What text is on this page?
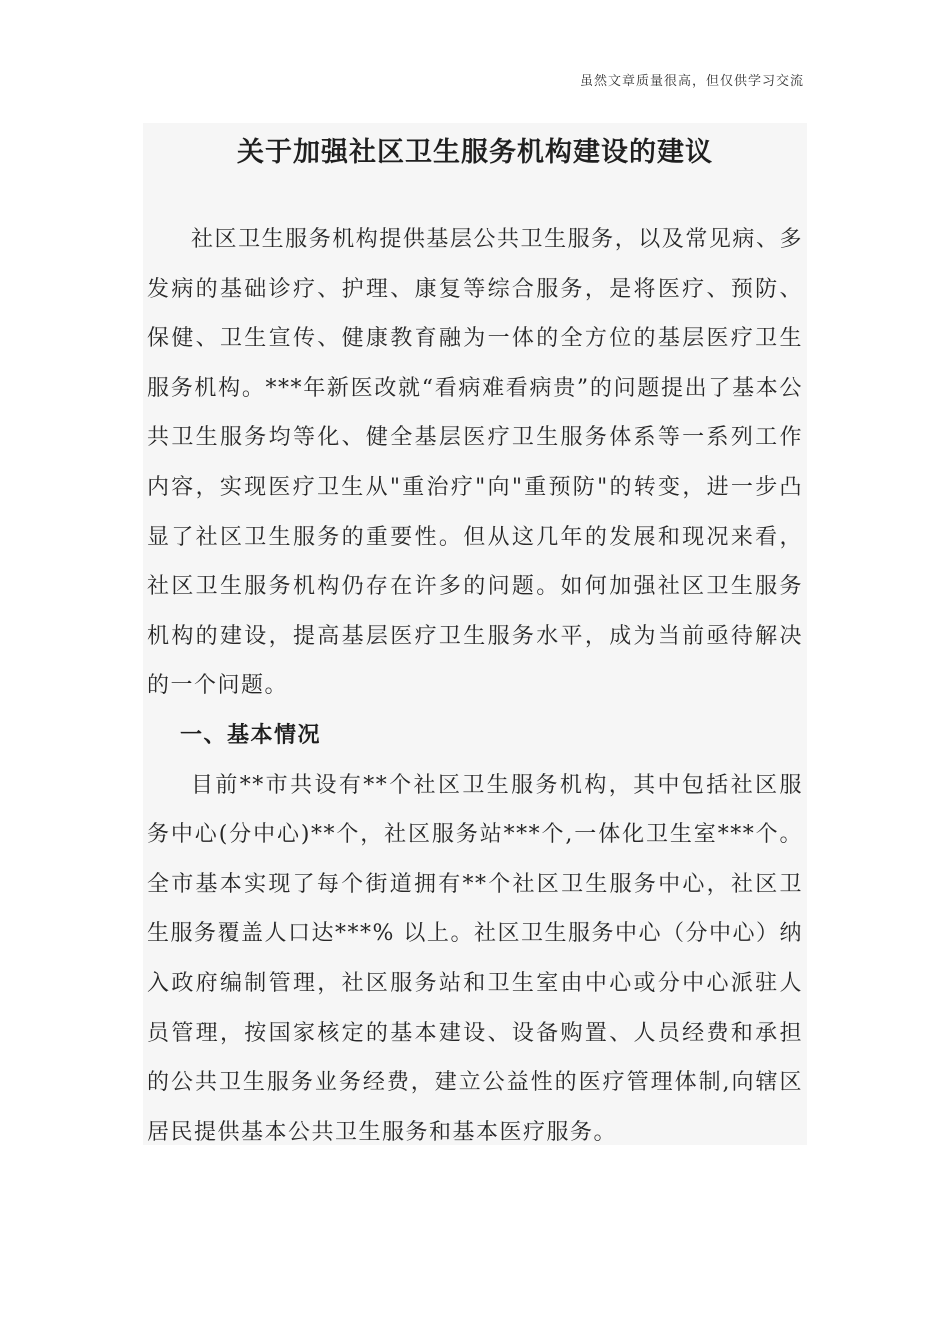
虽然文章质量很高，但仅供学习交流
关于加强社区卫生服务机构建设的建议

社区卫生服务机构提供基层公共卫生服务，以及常见病、多发病的基础诊疗、护理、康复等综合服务，是将医疗、预防、保健、卫生宣传、健康教育融为一体的全方位的基层医疗卫生服务机构。***年新医改就“看病难看病贵”的问题提出了基本公共卫生服务均等化、健全基层医疗卫生服务体系等一系列工作内容，实现医疗卫生从"重治疗"向"重预防"的转变，进一步凸显了社区卫生服务的重要性。但从这几年的发展和现况来看，社区卫生服务机构仍存在许多的问题。如何加强社区卫生服务机构的建设，提高基层医疗卫生服务水平，成为当前亟待解决的一个问题。

一、基本情况

目前**市共设有**个社区卫生服务机构，其中包括社区服务中心(分中心)**个，社区服务站***个,一体化卫生室***个。全市基本实现了每个街道拥有**个社区卫生服务中心，社区卫生服务覆盖人口达***% 以上。社区卫生服务中心（分中心）纳入政府编制管理，社区服务站和卫生室由中心或分中心派驻人员管理，按国家核定的基本建设、设备购置、人员经费和承担的公共卫生服务业务经费，建立公益性的医疗管理体制,向辖区居民提供基本公共卫生服务和基本医疗服务。
